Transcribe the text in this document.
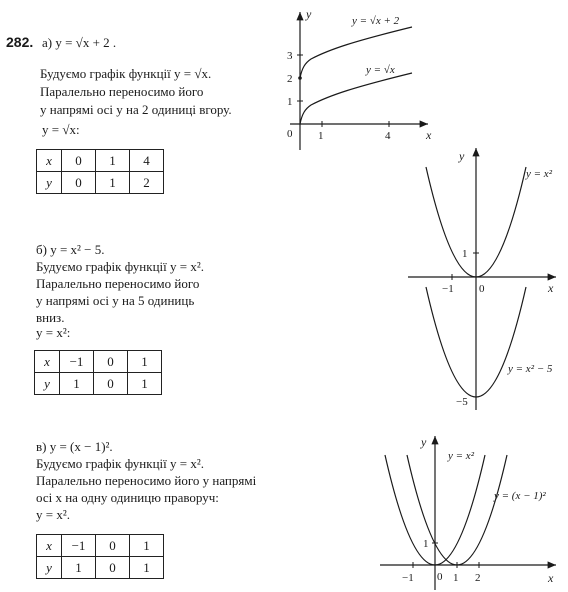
282. а) y = √x + 2 .
Будуємо графік функції y = √x.
Паралельно переносимо його
у напрямі осі y на 2 одиниці вгору.
y = √x:
x	0	1	4
y	0	1	2
y
x
0 1	4
1
2
3
y = √x + 2
y = √x
б) y = x² − 5.
Будуємо графік функції y = x².
Паралельно переносимо його
у напрямі осі y на 5 одиниць
вниз.
y = x²:
x	−1	0	1
y	1	0	1
y
x
0
−1
1
−5
y = x²
y = x² − 5
в) y = (x − 1)².
Будуємо графік функції y = x².
Паралельно переносимо його у напрямі
осі x на одну одиницю праворуч:
y = x².
x	−1	0	1
y	1	0	1
y
x
0
−1	1 2
1
y = x²
y = (x − 1)²
